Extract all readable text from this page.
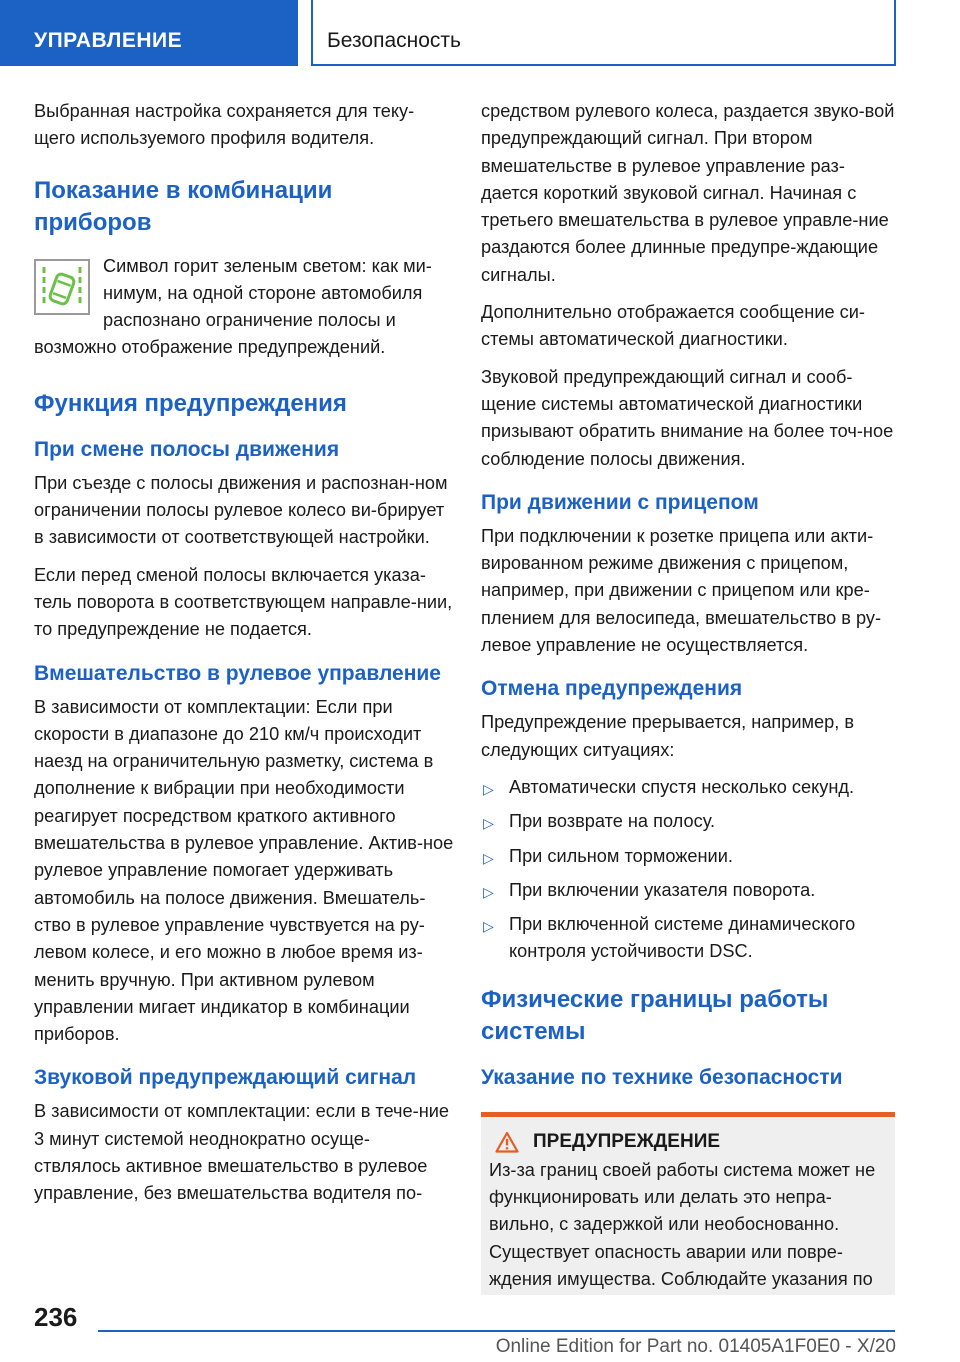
УПРАВЛЕНИЕ	Безопасность

Выбранная настройка сохраняется для теку-щего используемого профиля водителя.

Показание в комбинации приборов

Символ горит зеленым светом: как ми-нимум, на одной стороне автомобиля распознано ограничение полосы и возможно отображение предупреждений.

Функция предупреждения
При смене полосы движения

При съезде с полосы движения и распознан-ном ограничении полосы рулевое колесо ви-брирует в зависимости от соответствующей настройки.

Если перед сменой полосы включается указа-тель поворота в соответствующем направле-нии, то предупреждение не подается.

Вмешательство в рулевое управление

В зависимости от комплектации: Если при скорости в диапазоне до 210 км/ч происходит наезд на ограничительную разметку, система в дополнение к вибрации при необходимости реагирует посредством краткого активного вмешательства в рулевое управление. Актив-ное рулевое управление помогает удерживать автомобиль на полосе движения. Вмешатель-ство в рулевое управление чувствуется на ру-левом колесе, и его можно в любое время из-менить вручную. При активном рулевом управлении мигает индикатор в комбинации приборов.

Звуковой предупреждающий сигнал

В зависимости от комплектации: если в тече-ние 3 минут системой неоднократно осуще-ствлялось активное вмешательство в рулевое управление, без вмешательства водителя по-

средством рулевого колеса, раздается звуко-вой предупреждающий сигнал. При втором вмешательстве в рулевое управление раз-дается короткий звуковой сигнал. Начиная с третьего вмешательства в рулевое управле-ние раздаются более длинные предупре-ждающие сигналы.

Дополнительно отображается сообщение си-стемы автоматической диагностики.

Звуковой предупреждающий сигнал и сооб-щение системы автоматической диагностики призывают обратить внимание на более точ-ное соблюдение полосы движения.

При движении с прицепом

При подключении к розетке прицепа или акти-вированном режиме движения с прицепом, например, при движении с прицепом или кре-плением для велосипеда, вмешательство в ру-левое управление не осуществляется.

Отмена предупреждения

Предупреждение прерывается, например, в следующих ситуациях:

▷ Автоматически спустя несколько секунд.
▷ При возврате на полосу.
▷ При сильном торможении.
▷ При включении указателя поворота.
▷ При включенной системе динамического контроля устойчивости DSC.
Физические границы работы системы
Указание по технике безопасности
ПРЕДУПРЕЖДЕНИЕ

Из-за границ своей работы система может не функционировать или делать это непра-вильно, с задержкой или необоснованно. Существует опасность аварии или повре-ждения имущества. Соблюдайте указания по

236
Online Edition for Part no. 01405A1F0E0 - X/20
